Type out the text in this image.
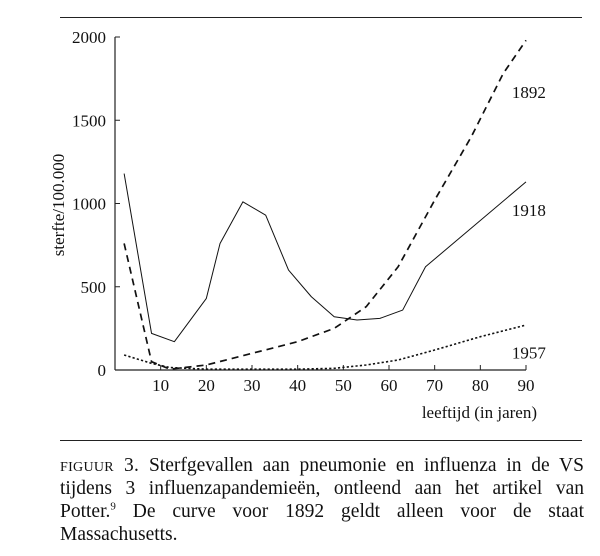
10 20 30 40 50 60 70 80 90
0
500
1000
1500
2000
1892
1918
1957
sterfte/100.000
leeftijd (in jaren)
figuur 3. Sterfgevallen aan pneumonie en influenza in de VS tijdens 3 influenzapandemieën, ontleend aan het artikel van Potter.$^9$ De curve voor 1892 geldt alleen voor de staat Massachusetts.
